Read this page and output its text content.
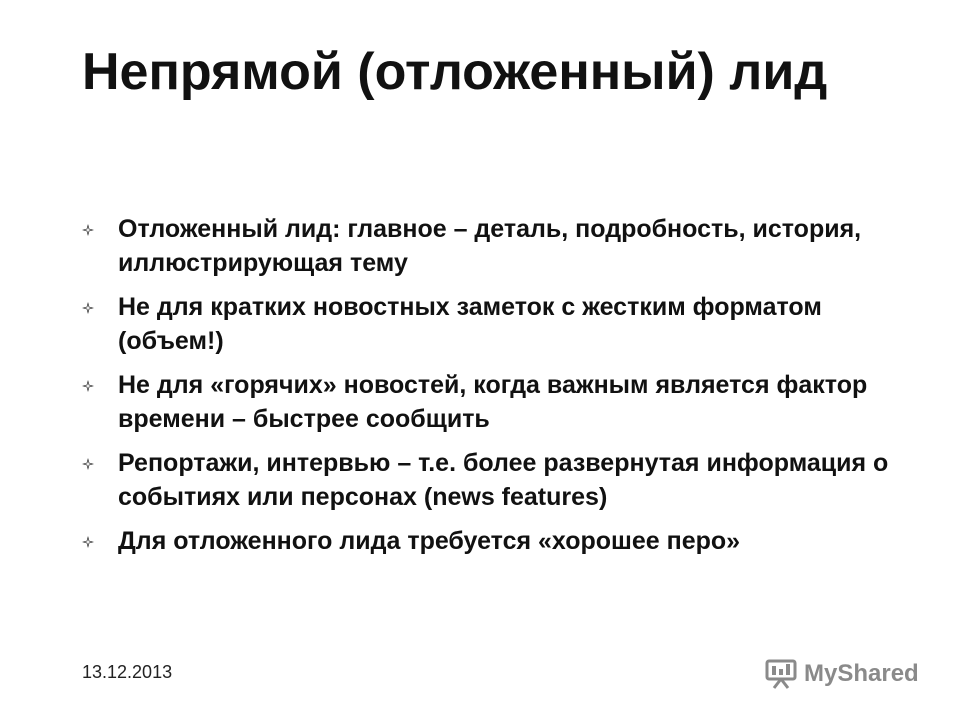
Непрямой (отложенный) лид
Отложенный лид: главное – деталь, подробность, история, иллюстрирующая тему
Не для кратких новостных заметок с жестким форматом (объем!)
Не для «горячих» новостей, когда важным является фактор времени – быстрее сообщить
Репортажи, интервью – т.е. более развернутая информация о событиях или персонах (news features)
Для отложенного лида требуется «хорошее перо»
13.12.2013	MyShared
